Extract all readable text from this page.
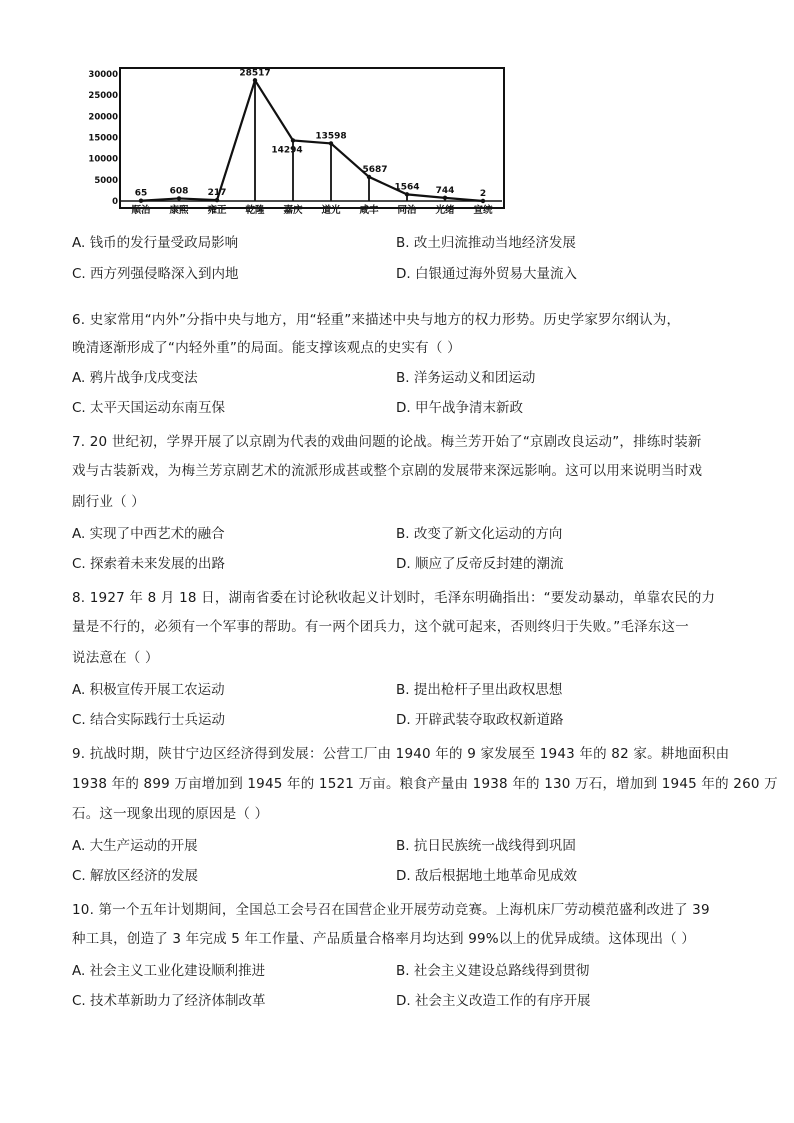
0
5000
10000
15000
20000
25000
30000
65 608 217
28517
14294
13598
5687
1564 744	2
顺治 康熙 雍正 乾隆 嘉庆 道光 咸丰 同治 光绪 宣统
A. 钱币的发行量受政局影响	B. 改土归流推动当地经济发展
C. 西方列强侵略深入到内地	D. 白银通过海外贸易大量流入
6. 史家常用“内外”分指中央与地方，用“轻重”来描述中央与地方的权力形势。历史学家罗尔纲认为，
晚清逐渐形成了“内轻外重”的局面。能支撑该观点的史实有（ ）
A. 鸦片战争戊戌变法	B. 洋务运动义和团运动
C. 太平天国运动东南互保	D. 甲午战争清末新政
7. 20 世纪初，学界开展了以京剧为代表的戏曲问题的论战。梅兰芳开始了“京剧改良运动”，排练时装新
戏与古装新戏，为梅兰芳京剧艺术的流派形成甚或整个京剧的发展带来深远影响。这可以用来说明当时戏
剧行业（ ）
A. 实现了中西艺术的融合	B. 改变了新文化运动的方向
C. 探索着未来发展的出路	D. 顺应了反帝反封建的潮流
8. 1927 年 8 月 18 日，湖南省委在讨论秋收起义计划时，毛泽东明确指出：“要发动暴动，单靠农民的力
量是不行的，必须有一个军事的帮助。有一两个团兵力，这个就可起来，否则终归于失败。”毛泽东这一
说法意在（ ）
A. 积极宣传开展工农运动	B. 提出枪杆子里出政权思想
C. 结合实际践行士兵运动	D. 开辟武装夺取政权新道路
9. 抗战时期，陕甘宁边区经济得到发展：公营工厂由 1940 年的 9 家发展至 1943 年的 82 家。耕地面积由
1938 年的 899 万亩增加到 1945 年的 1521 万亩。粮食产量由 1938 年的 130 万石，增加到 1945 年的 260 万
石。这一现象出现的原因是（ ）
A. 大生产运动的开展	B. 抗日民族统一战线得到巩固
C. 解放区经济的发展	D. 敌后根据地土地革命见成效
10. 第一个五年计划期间，全国总工会号召在国营企业开展劳动竞赛。上海机床厂劳动模范盛利改进了 39
种工具，创造了 3 年完成 5 年工作量、产品质量合格率月均达到 99%以上的优异成绩。这体现出（ ）
A. 社会主义工业化建设顺利推进	B. 社会主义建设总路线得到贯彻
C. 技术革新助力了经济体制改革	D. 社会主义改造工作的有序开展
